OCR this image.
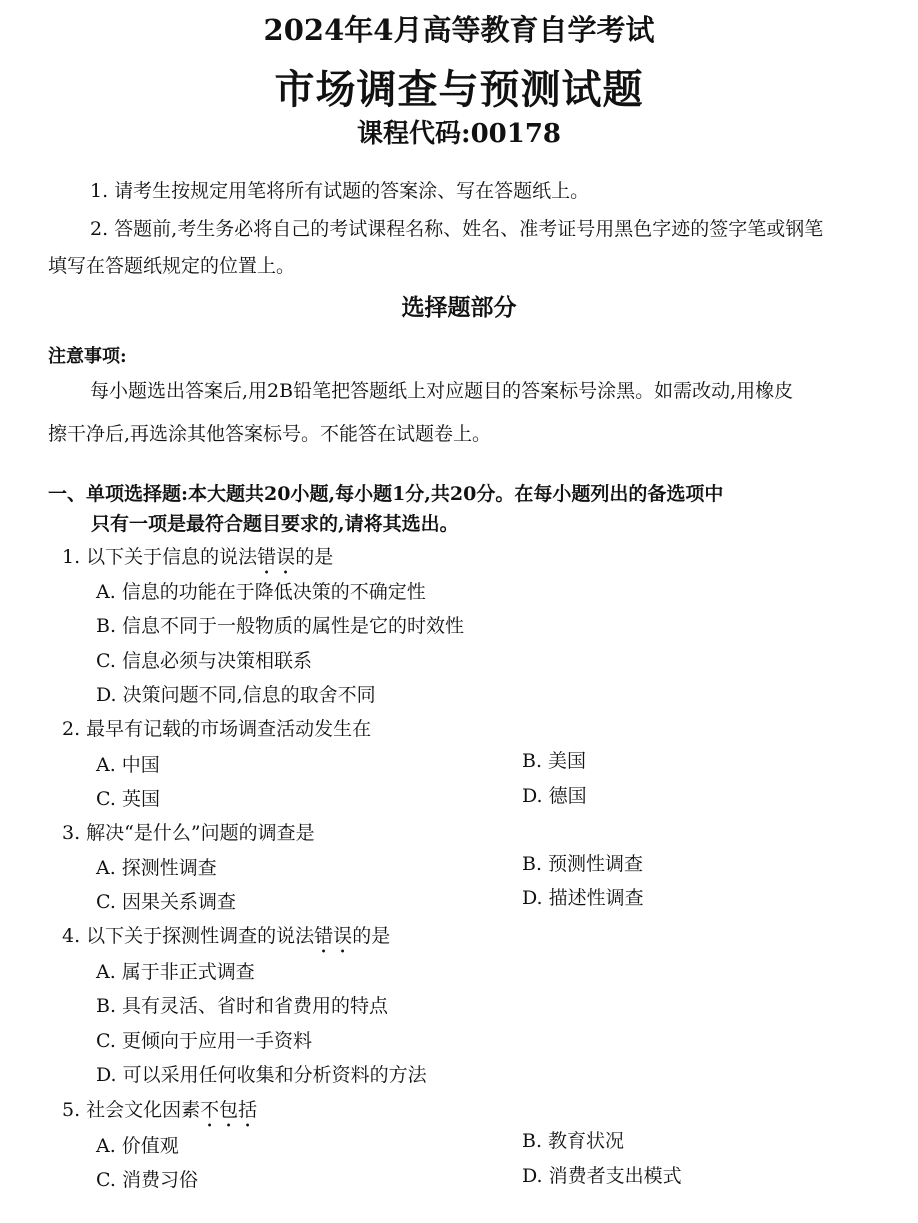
2024年4月高等教育自学考试
市场调查与预测试题
课程代码:00178
1. 请考生按规定用笔将所有试题的答案涂、写在答题纸上。
2. 答题前,考生务必将自己的考试课程名称、姓名、准考证号用黑色字迹的签字笔或钢笔
填写在答题纸规定的位置上。
选择题部分
注意事项:
每小题选出答案后,用2B铅笔把答题纸上对应题目的答案标号涂黑。如需改动,用橡皮
擦干净后,再选涂其他答案标号。不能答在试题卷上。
一、单项选择题:本大题共20小题,每小题1分,共20分。在每小题列出的备选项中
只有一项是最符合题目要求的,请将其选出。
1. 以下关于信息的说法错误的是
A. 信息的功能在于降低决策的不确定性
B. 信息不同于一般物质的属性是它的时效性
C. 信息必须与决策相联系
D. 决策问题不同,信息的取舍不同
2. 最早有记载的市场调查活动发生在
A. 中国	B. 美国
C. 英国	D. 德国
3. 解决“是什么”问题的调查是
A. 探测性调查	B. 预测性调查
C. 因果关系调查	D. 描述性调查
4. 以下关于探测性调查的说法错误的是
A. 属于非正式调查
B. 具有灵活、省时和省费用的特点
C. 更倾向于应用一手资料
D. 可以采用任何收集和分析资料的方法
5. 社会文化因素不包括
A. 价值观	B. 教育状况
C. 消费习俗	D. 消费者支出模式
